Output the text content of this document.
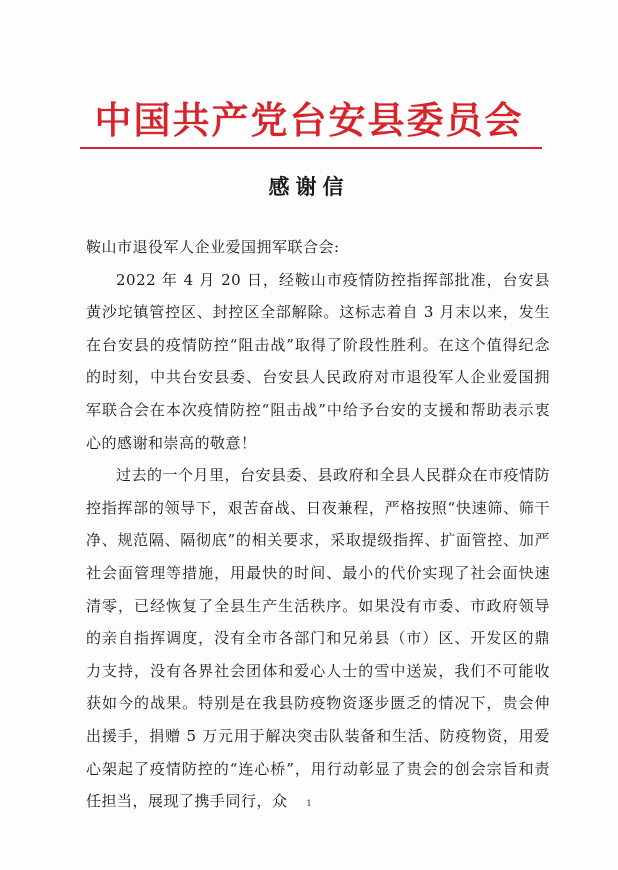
中国共产党台安县委员会
感谢信

鞍山市退役军人企业爱国拥军联合会:

2022 年 4 月 20 日，经鞍山市疫情防控指挥部批准，台安县黄沙坨镇管控区、封控区全部解除。这标志着自 3 月末以来，发生在台安县的疫情防控“阻击战”取得了阶段性胜利。在这个值得纪念的时刻，中共台安县委、台安县人民政府对市退役军人企业爱国拥军联合会在本次疫情防控“阻击战”中给予台安的支援和帮助表示衷心的感谢和崇高的敬意！

过去的一个月里，台安县委、县政府和全县人民群众在市疫情防控指挥部的领导下，艰苦奋战、日夜兼程，严格按照“快速筛、筛干净、规范隔、隔彻底”的相关要求，采取提级指挥、扩面管控、加严社会面管理等措施，用最快的时间、最小的代价实现了社会面快速清零，已经恢复了全县生产生活秩序。如果没有市委、市政府领导的亲自指挥调度，没有全市各部门和兄弟县（市）区、开发区的鼎力支持，没有各界社会团体和爱心人士的雪中送炭，我们不可能收获如今的战果。特别是在我县防疫物资逐步匮乏的情况下，贵会伸出援手，捐赠 5 万元用于解决突击队装备和生活、防疫物资，用爱心架起了疫情防控的“连心桥”，用行动彰显了贵会的创会宗旨和责任担当，展现了携手同行，众	1
